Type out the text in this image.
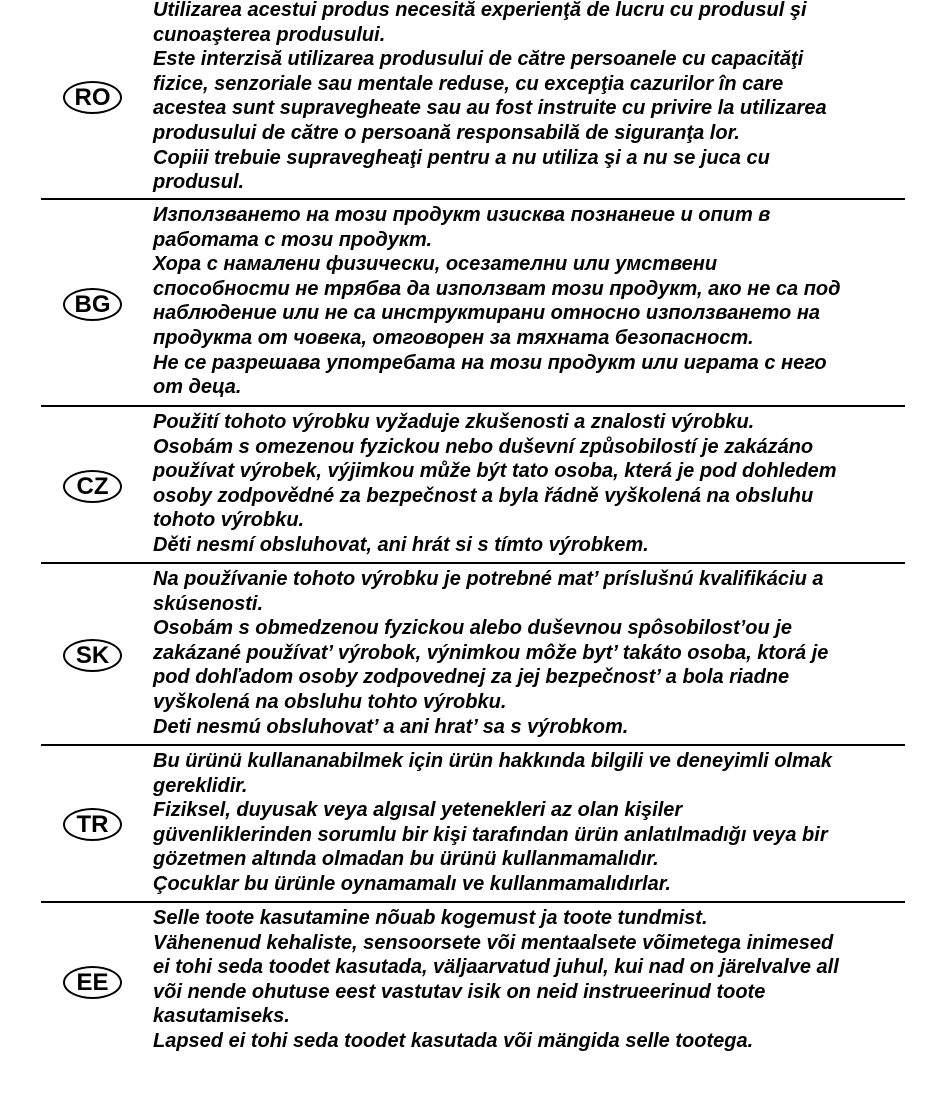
RO
Utilizarea acestui produs necesită experienţă de lucru cu produsul şi
cunoaşterea produsului.
Este interzisă utilizarea produsului de către persoanele cu capacităţi
fizice, senzoriale sau mentale reduse, cu excepţia cazurilor în care
acestea sunt supravegheate sau au fost instruite cu privire la utilizarea
produsului de către o persoană responsabilă de siguranţa lor.
Copiii trebuie supravegheaţi pentru a nu utiliza şi a nu se juca cu
produsul.
BG
Използването на този продукт изисква познанеие и опит в
работата с този продукт.
Хора с намалени физически, осезателни или умствени
способности не трябва да използват този продукт, ако не са под
наблюдение или не са инструктирани относно използването на
продукта от човека, отговорен за тяхната безопасност.
Не се разрешава употребата на този продукт или играта с него
от деца.
CZ
Použití tohoto výrobku vyžaduje zkušenosti a znalosti výrobku.
Osobám s omezenou fyzickou nebo duševní způsobilostí je zakázáno
používat výrobek, výjimkou může být tato osoba, která je pod dohledem
osoby zodpovědné za bezpečnost a byla řádně vyškolená na obsluhu
tohoto výrobku.
Děti nesmí obsluhovat, ani hrát si s tímto výrobkem.
SK
Na používanie tohoto výrobku je potrebné mat’ príslušnú kvalifikáciu a
skúsenosti.
Osobám s obmedzenou fyzickou alebo duševnou spôsobilost’ou je
zakázané používat’ výrobok, výnimkou môže byt’ takáto osoba, ktorá je
pod dohľadom osoby zodpovednej za jej bezpečnost’ a bola riadne
vyškolená na obsluhu tohto výrobku.
Deti nesmú obsluhovat’ a ani hrat’ sa s výrobkom.
TR
Bu ürünü kullananabilmek için ürün hakkında bilgili ve deneyimli olmak
gereklidir.
Fiziksel, duyusak veya algısal yetenekleri az olan kişiler
güvenliklerinden sorumlu bir kişi tarafından ürün anlatılmadığı veya bir
gözetmen altında olmadan bu ürünü kullanmamalıdır.
Çocuklar bu ürünle oynamamalı ve kullanmamalıdırlar.
EE
Selle toote kasutamine nõuab kogemust ja toote tundmist.
Vähenenud kehaliste, sensoorsete või mentaalsete võimetega inimesed
ei tohi seda toodet kasutada, väljaarvatud juhul, kui nad on järelvalve all
või nende ohutuse eest vastutav isik on neid instrueerinud toote
kasutamiseks.
Lapsed ei tohi seda toodet kasutada või mängida selle tootega.
